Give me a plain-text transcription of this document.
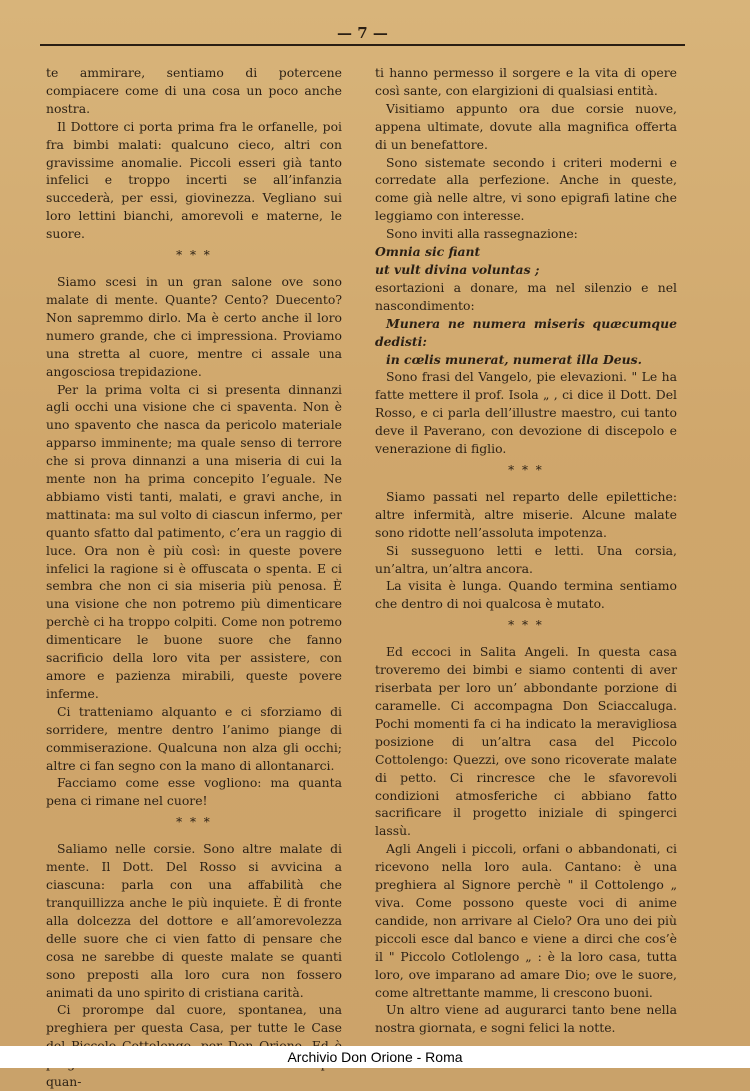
— 7 —

te ammirare, sentiamo di potercene compiacere come di una cosa un poco anche nostra.

Il Dottore ci porta prima fra le orfanelle, poi fra bimbi malati: qualcuno cieco, altri con gravissime anomalie. Piccoli esseri già tanto infelici e troppo incerti se all’infanzia succederà, per essi, giovinezza. Vegliano sui loro lettini bianchi, amorevoli e materne, le suore.

* * *

Siamo scesi in un gran salone ove sono malate di mente. Quante? Cento? Duecento? Non sapremmo dirlo. Ma è certo anche il loro numero grande, che ci impressiona. Proviamo una stretta al cuore, mentre ci assale una angosciosa trepidazione.

Per la prima volta ci si presenta dinnanzi agli occhi una visione che ci spaventa. Non è uno spavento che nasca da pericolo materiale apparso imminente; ma quale senso di terrore che si prova dinnanzi a una miseria di cui la mente non ha prima concepito l’eguale. Ne abbiamo visti tanti, malati, e gravi anche, in mattinata: ma sul volto di ciascun infermo, per quanto sfatto dal patimento, c’era un raggio di luce. Ora non è più così: in queste povere infelici la ragione si è offuscata o spenta. E ci sembra che non ci sia miseria più penosa. È una visione che non potremo più dimenticare perchè ci ha troppo colpiti. Come non potremo dimenticare le buone suore che fanno sacrificio della loro vita per assistere, con amore e pazienza mirabili, queste povere inferme.

Ci tratteniamo alquanto e ci sforziamo di sorridere, mentre dentro l’animo piange di commiserazione. Qualcuna non alza gli occhi; altre ci fan segno con la mano di allontanarci.

Facciamo come esse vogliono: ma quanta pena ci rimane nel cuore!

* * *

Saliamo nelle corsie. Sono altre malate di mente. Il Dott. Del Rosso si avvicina a ciascuna: parla con una affabilità che tranquillizza anche le più inquiete. È di fronte alla dolcezza del dottore e all’amorevolezza delle suore che ci vien fatto di pensare che cosa ne sarebbe di queste malate se quanti sono preposti alla loro cura non fossero animati da uno spirito di cristiana carità.

Ci prorompe dal cuore, spontanea, una preghiera per questa Casa, per tutte le Case quan-

ti hanno permesso il sorgere e la vita di opere così sante, con elargizioni di qualsiasi entità.

Visitiamo appunto ora due corsie nuove, appena ultimate, dovute alla magnifica offerta di un benefattore.

Sono sistemate secondo i criteri moderni e corredate alla perfezione. Anche in queste, come già nelle altre, vi sono epigrafi latine che leggiamo con interesse.

Sono inviti alla rassegnazione:

Omnia sic fiant

ut vult divina voluntas ;

esortazioni a donare, ma nel silenzio e nel nascondimento:

Munera ne numera miseris quæcumque dedisti:

in cœlis munerat, numerat illa Deus.

Sono frasi del Vangelo, pie elevazioni. " Le ha fatte mettere il prof. Isola „ , ci dice il Dott. Del Rosso, e ci parla dell’illustre maestro, cui tanto deve il Paverano, con devozione di discepolo e venerazione di figlio.

* * *

Siamo passati nel reparto delle epilettiche: altre infermità, altre miserie. Alcune malate sono ridotte nell’assoluta impotenza.

Si susseguono letti e letti. Una corsia, un’altra, un’altra ancora.

La visita è lunga. Quando termina sentiamo che dentro di noi qualcosa è mutato.

* * *

Ed eccoci in Salita Angeli. In questa casa troveremo dei bimbi e siamo contenti di aver riserbata per loro un’ abbondante porzione di caramelle. Ci accompagna Don Sciaccaluga. Pochi momenti fa ci ha indicato la meravigliosa posizione di un’altra casa del Piccolo Cottolengo: Quezzi, ove sono ricoverate malate di petto. Ci rincresce che le sfavorevoli condizioni atmosferiche ci abbiano fatto sacrificare il progetto iniziale di spingerci lassù.

Agli Angeli i piccoli, orfani o abbandonati, ci ricevono nella loro aula. Cantano: è una preghiera al Signore perchè " il Cottolengo „ viva. Come possono queste voci di anime candide, non arrivare al Cielo? Ora uno dei più piccoli esce dal banco e viene a dirci che cos’è il " Piccolo Cotlolengo „ : è la loro casa, tutta loro, ove imparano ad amare Dio; ove le suore, come altrettante mamme, li crescono buoni.

Un altro viene ad augurarci tanto bene nella nostra giornata, e sogni felici la notte.

Archivio Don Orione - Roma
